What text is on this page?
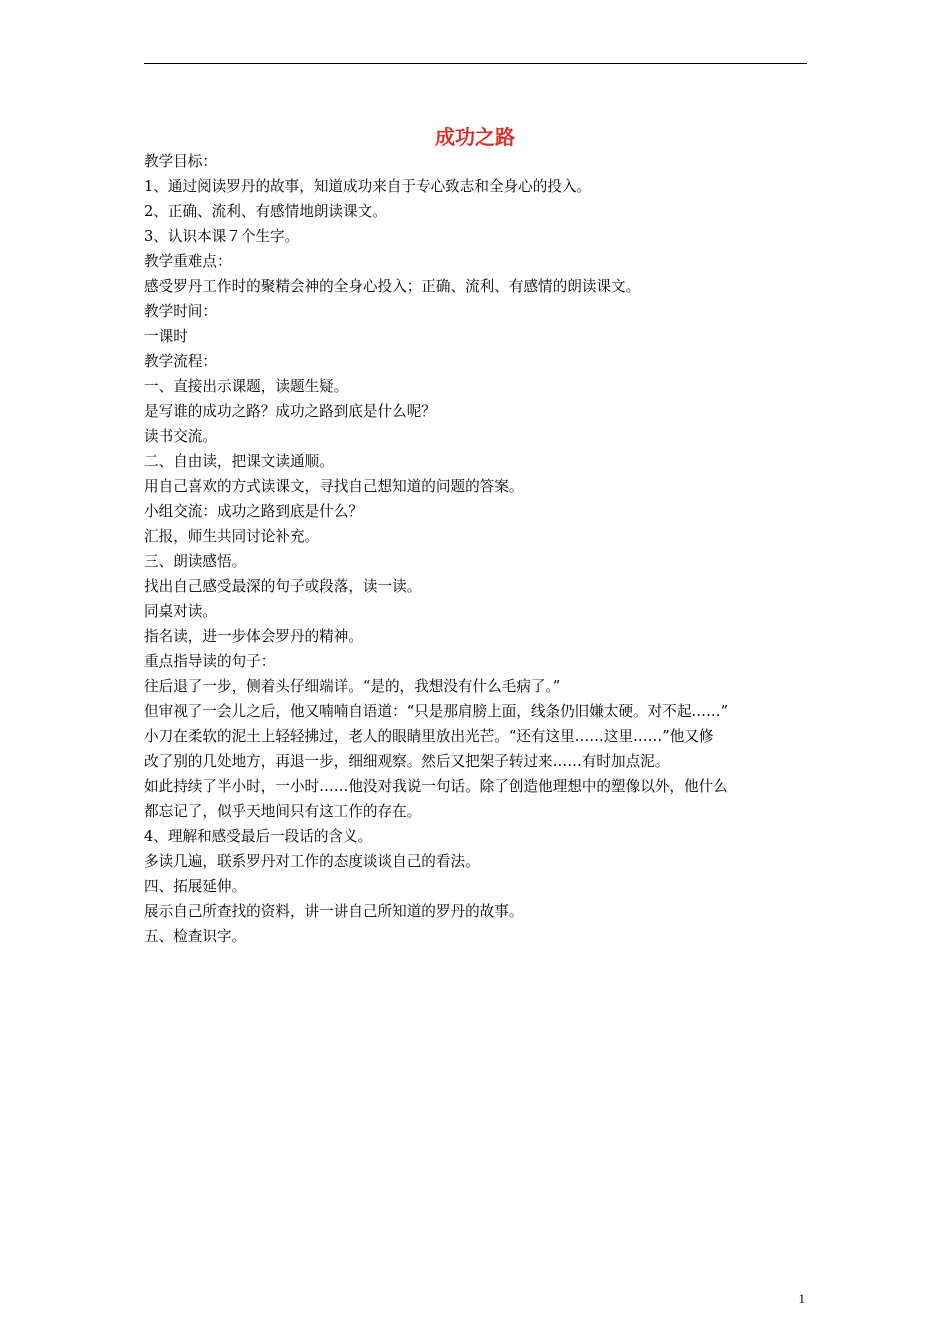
成功之路
教学目标：
1、通过阅读罗丹的故事，知道成功来自于专心致志和全身心的投入。
2、正确、流利、有感情地朗读课文。
3、认识本课７个生字。
教学重难点：
感受罗丹工作时的聚精会神的全身心投入；正确、流利、有感情的朗读课文。
教学时间：
一课时
教学流程：
一、直接出示课题，读题生疑。
是写谁的成功之路？成功之路到底是什么呢？
读书交流。
二、自由读，把课文读通顺。
用自己喜欢的方式读课文，寻找自己想知道的问题的答案。
小组交流：成功之路到底是什么？
汇报，师生共同讨论补充。
三、朗读感悟。
找出自己感受最深的句子或段落，读一读。
同桌对读。
指名读，进一步体会罗丹的精神。
重点指导读的句子：
往后退了一步，侧着头仔细端详。“是的，我想没有什么毛病了。”
但审视了一会儿之后，他又喃喃自语道：“只是那肩膀上面，线条仍旧嫌太硬。对不起……”
小刀在柔软的泥土上轻轻拂过，老人的眼睛里放出光芒。“还有这里……这里……”他又修
改了别的几处地方，再退一步，细细观察。然后又把架子转过来……有时加点泥。
如此持续了半小时，一小时……他没对我说一句话。除了创造他理想中的塑像以外，他什么
都忘记了，似乎天地间只有这工作的存在。
4、理解和感受最后一段话的含义。
多读几遍，联系罗丹对工作的态度谈谈自己的看法。
四、拓展延伸。
展示自己所查找的资料，讲一讲自己所知道的罗丹的故事。
五、检查识字。
1
